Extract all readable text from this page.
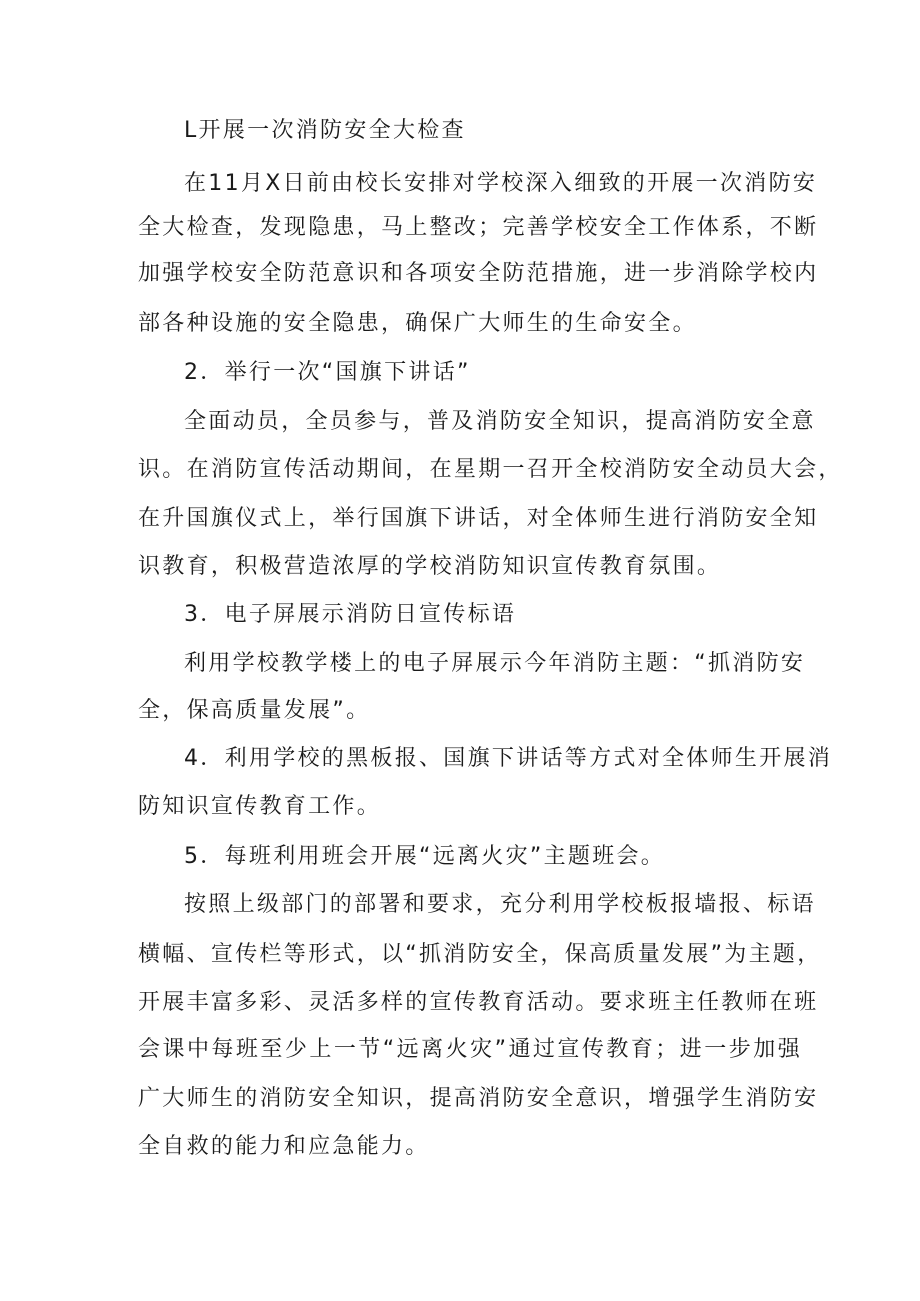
L开展一次消防安全大检查
在11月X日前由校长安排对学校深入细致的开展一次消防安
全大检查，发现隐患，马上整改；完善学校安全工作体系，不断
加强学校安全防范意识和各项安全防范措施，进一步消除学校内
部各种设施的安全隐患，确保广大师生的生命安全。
2．举行一次“国旗下讲话”
全面动员，全员参与，普及消防安全知识，提高消防安全意
识。在消防宣传活动期间，在星期一召开全校消防安全动员大会，
在升国旗仪式上，举行国旗下讲话，对全体师生进行消防安全知
识教育，积极营造浓厚的学校消防知识宣传教育氛围。
3．电子屏展示消防日宣传标语
利用学校教学楼上的电子屏展示今年消防主题：“抓消防安
全，保高质量发展”。
4．利用学校的黑板报、国旗下讲话等方式对全体师生开展消
防知识宣传教育工作。
5．每班利用班会开展“远离火灾”主题班会。
按照上级部门的部署和要求，充分利用学校板报墙报、标语
横幅、宣传栏等形式，以“抓消防安全，保高质量发展”为主题，
开展丰富多彩、灵活多样的宣传教育活动。要求班主任教师在班
会课中每班至少上一节“远离火灾”通过宣传教育；进一步加强
广大师生的消防安全知识，提高消防安全意识，增强学生消防安
全自救的能力和应急能力。
